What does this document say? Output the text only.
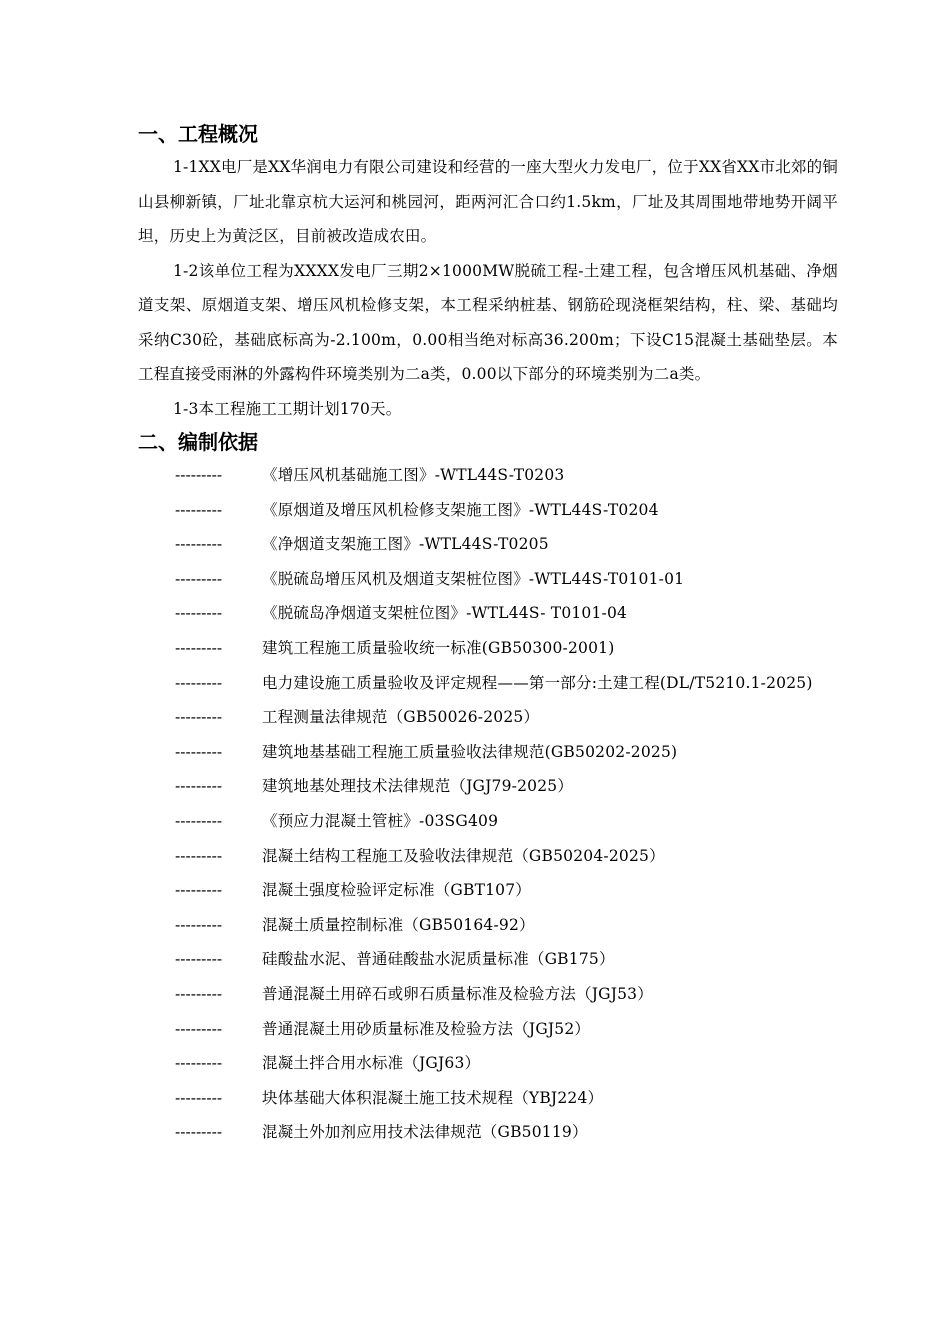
一、工程概况

1-1XX电厂是XX华润电力有限公司建设和经营的一座大型火力发电厂，位于XX省XX市北郊的铜山县柳新镇，厂址北靠京杭大运河和桃园河，距两河汇合口约1.5km，厂址及其周围地带地势开阔平坦，历史上为黄泛区，目前被改造成农田。

1-2该单位工程为XXXX发电厂三期2×1000MW脱硫工程-土建工程，包含增压风机基础、净烟道支架、原烟道支架、增压风机检修支架，本工程采纳桩基、钢筋砼现浇框架结构，柱、梁、基础均采纳C30砼，基础底标高为-2.100m，0.00相当绝对标高36.200m；下设C15混凝土基础垫层。本工程直接受雨淋的外露构件环境类别为二a类，0.00以下部分的环境类别为二a类。

1-3本工程施工工期计划170天。

二、编制依据
---------	《增压风机基础施工图》-WTL44S-T0203
---------	《原烟道及增压风机检修支架施工图》-WTL44S-T0204
---------	《净烟道支架施工图》-WTL44S-T0205
---------	《脱硫岛增压风机及烟道支架桩位图》-WTL44S-T0101-01
---------	《脱硫岛净烟道支架桩位图》-WTL44S- T0101-04
---------	建筑工程施工质量验收统一标准(GB50300-2001)
---------	电力建设施工质量验收及评定规程——第一部分:土建工程(DL/T5210.1-2025)
---------	工程测量法律规范（GB50026-2025）
---------	建筑地基基础工程施工质量验收法律规范(GB50202-2025)
---------	建筑地基处理技术法律规范（JGJ79-2025）
---------	《预应力混凝土管桩》-03SG409
---------	混凝土结构工程施工及验收法律规范（GB50204-2025）
---------	混凝土强度检验评定标准（GBT107）
---------	混凝土质量控制标准（GB50164-92）
---------	硅酸盐水泥、普通硅酸盐水泥质量标准（GB175）
---------	普通混凝土用碎石或卵石质量标准及检验方法（JGJ53）
---------	普通混凝土用砂质量标准及检验方法（JGJ52）
---------	混凝土拌合用水标准（JGJ63）
---------	块体基础大体积混凝土施工技术规程（YBJ224）
---------	混凝土外加剂应用技术法律规范（GB50119）
